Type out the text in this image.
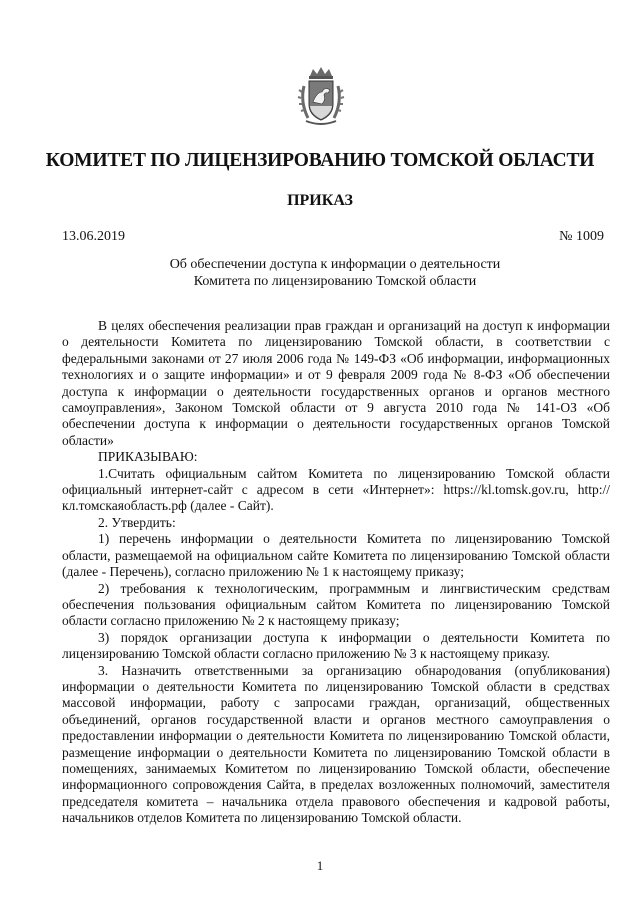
КОМИТЕТ ПО ЛИЦЕНЗИРОВАНИЮ ТОМСКОЙ ОБЛАСТИ
ПРИКАЗ
13.06.2019	№ 1009
Об обеспечении доступа к информации о деятельности Комитета по лицензированию Томской области

В целях обеспечения реализации прав граждан и организаций на доступ к информации о деятельности Комитета по лицензированию Томской области, в соответствии с федеральными законами от 27 июля 2006 года № 149-ФЗ «Об информации, информационных технологиях и о защите информации» и от 9 февраля 2009 года № 8-ФЗ «Об обеспечении доступа к информации о деятельности государственных органов и органов местного самоуправления», Законом Томской области от 9 августа 2010 года № 141-ОЗ «Об обеспечении доступа к информации о деятельности государственных органов Томской области»

ПРИКАЗЫВАЮ:

1.Считать официальным сайтом Комитета по лицензированию Томской области официальный интернет-сайт с адресом в сети «Интернет»: https://kl.tomsk.gov.ru, http://кл.томскаяобласть.рф (далее - Сайт).

2. Утвердить:

1) перечень информации о деятельности Комитета по лицензированию Томской области, размещаемой на официальном сайте Комитета по лицензированию Томской области (далее - Перечень), согласно приложению № 1 к настоящему приказу;

2) требования к технологическим, программным и лингвистическим средствам обеспечения пользования официальным сайтом Комитета по лицензированию Томской области согласно приложению № 2 к настоящему приказу;

3) порядок организации доступа к информации о деятельности Комитета по лицензированию Томской области согласно приложению № 3 к настоящему приказу.

3. Назначить ответственными за организацию обнародования (опубликования) информации о деятельности Комитета по лицензированию Томской области в средствах массовой информации, работу с запросами граждан, организаций, общественных объединений, органов государственной власти и органов местного самоуправления о предоставлении информации о деятельности Комитета по лицензированию Томской области, размещение информации о деятельности Комитета по лицензированию Томской области в помещениях, занимаемых Комитетом по лицензированию Томской области, обеспечение информационного сопровождения Сайта, в пределах возложенных полномочий, заместителя председателя комитета – начальника отдела правового обеспечения и кадровой работы, начальников отделов Комитета по лицензированию Томской области.

1
